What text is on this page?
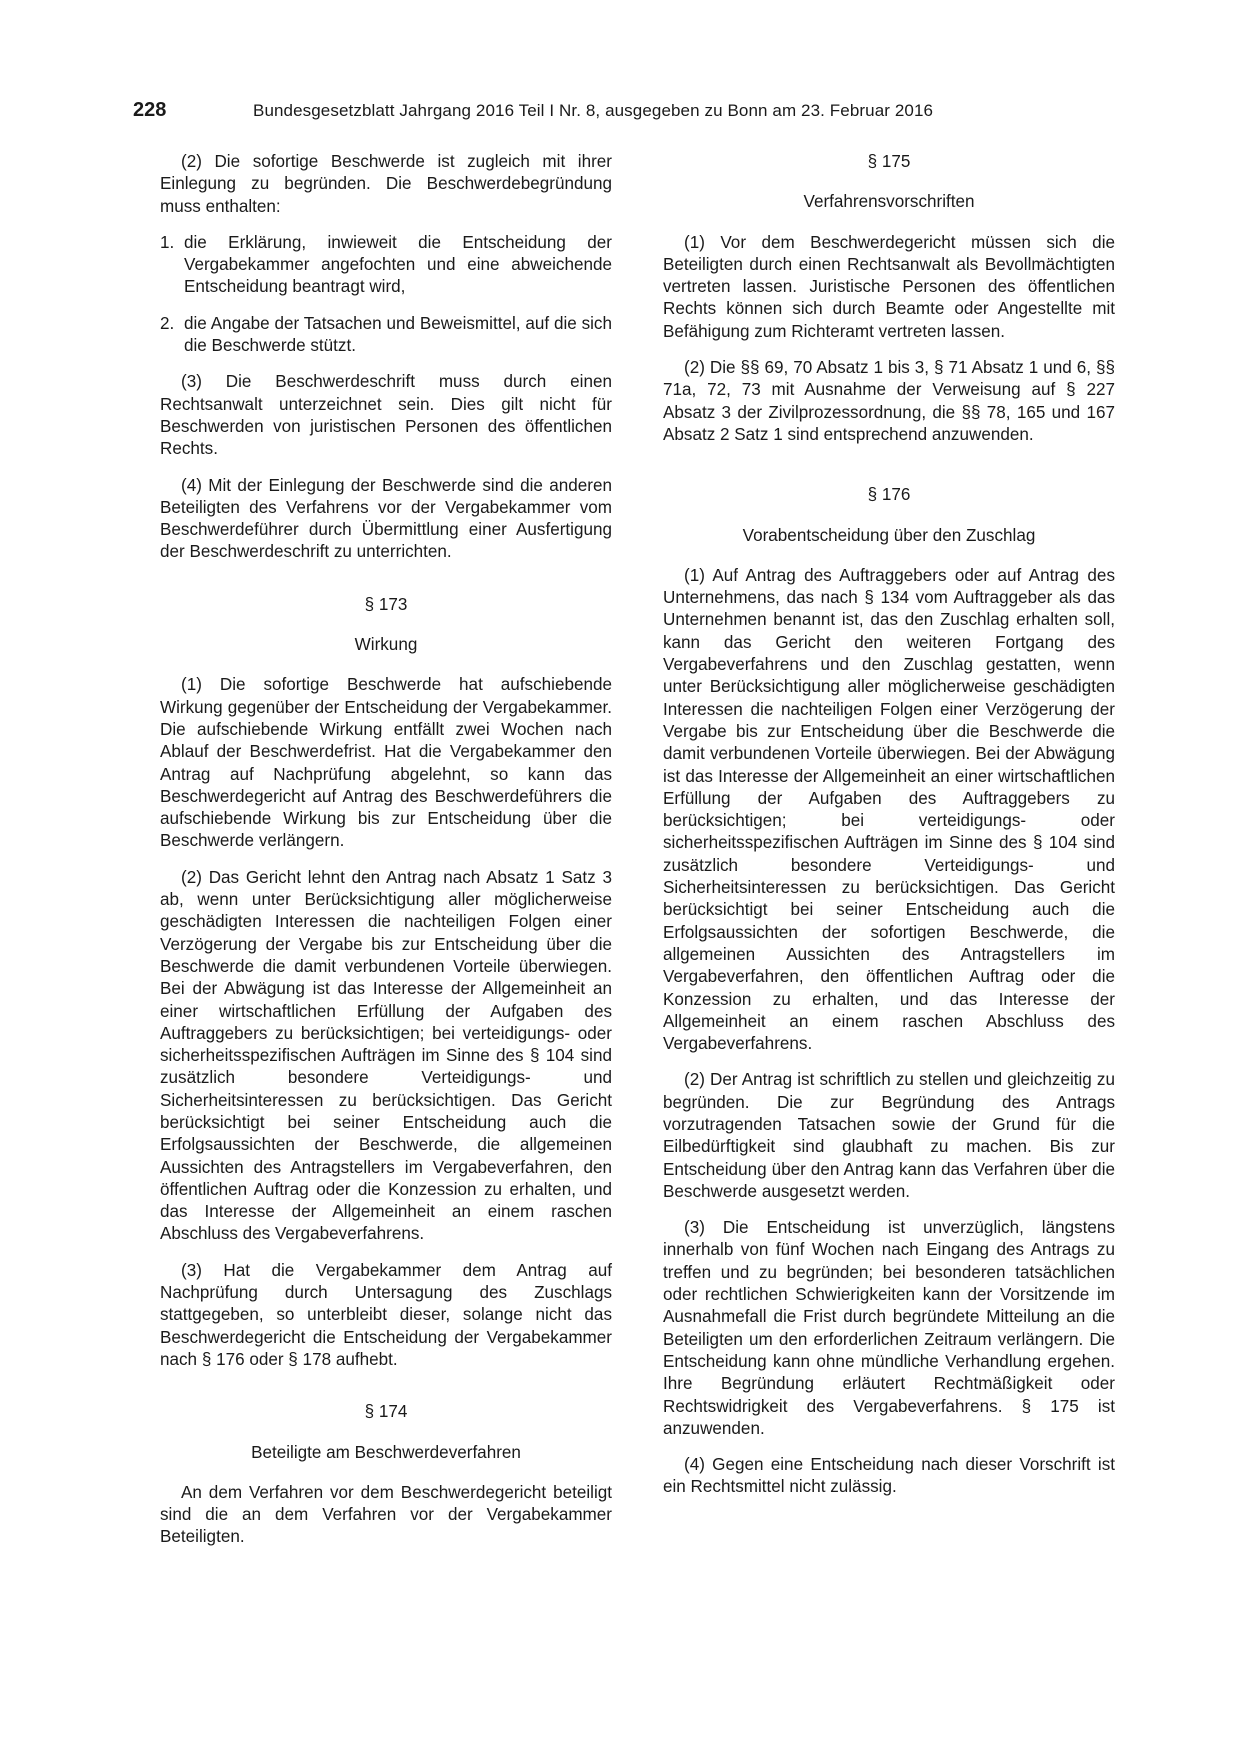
228	Bundesgesetzblatt Jahrgang 2016 Teil I Nr. 8, ausgegeben zu Bonn am 23. Februar 2016

(2) Die sofortige Beschwerde ist zugleich mit ihrer Einlegung zu begründen. Die Beschwerdebegründung muss enthalten:

1. die Erklärung, inwieweit die Entscheidung der Vergabekammer angefochten und eine abweichende Entscheidung beantragt wird,
2. die Angabe der Tatsachen und Beweismittel, auf die sich die Beschwerde stützt.

(3) Die Beschwerdeschrift muss durch einen Rechtsanwalt unterzeichnet sein. Dies gilt nicht für Beschwerden von juristischen Personen des öffentlichen Rechts.

(4) Mit der Einlegung der Beschwerde sind die anderen Beteiligten des Verfahrens vor der Vergabekammer vom Beschwerdeführer durch Übermittlung einer Ausfertigung der Beschwerdeschrift zu unterrichten.

§ 173
Wirkung

(1) Die sofortige Beschwerde hat aufschiebende Wirkung gegenüber der Entscheidung der Vergabekammer. Die aufschiebende Wirkung entfällt zwei Wochen nach Ablauf der Beschwerdefrist. Hat die Vergabekammer den Antrag auf Nachprüfung abgelehnt, so kann das Beschwerdegericht auf Antrag des Beschwerdeführers die aufschiebende Wirkung bis zur Entscheidung über die Beschwerde verlängern.

(2) Das Gericht lehnt den Antrag nach Absatz 1 Satz 3 ab, wenn unter Berücksichtigung aller möglicherweise geschädigten Interessen die nachteiligen Folgen einer Verzögerung der Vergabe bis zur Entscheidung über die Beschwerde die damit verbundenen Vorteile überwiegen. Bei der Abwägung ist das Interesse der Allgemeinheit an einer wirtschaftlichen Erfüllung der Aufgaben des Auftraggebers zu berücksichtigen; bei verteidigungs- oder sicherheitsspezifischen Aufträgen im Sinne des § 104 sind zusätzlich besondere Verteidigungs- und Sicherheitsinteressen zu berücksichtigen. Das Gericht berücksichtigt bei seiner Entscheidung auch die Erfolgsaussichten der Beschwerde, die allgemeinen Aussichten des Antragstellers im Vergabeverfahren, den öffentlichen Auftrag oder die Konzession zu erhalten, und das Interesse der Allgemeinheit an einem raschen Abschluss des Vergabeverfahrens.

(3) Hat die Vergabekammer dem Antrag auf Nachprüfung durch Untersagung des Zuschlags stattgegeben, so unterbleibt dieser, solange nicht das Beschwerdegericht die Entscheidung der Vergabekammer nach § 176 oder § 178 aufhebt.

§ 174
Beteiligte am Beschwerdeverfahren

An dem Verfahren vor dem Beschwerdegericht beteiligt sind die an dem Verfahren vor der Vergabekammer Beteiligten.

§ 175
Verfahrensvorschriften

(1) Vor dem Beschwerdegericht müssen sich die Beteiligten durch einen Rechtsanwalt als Bevollmächtigten vertreten lassen. Juristische Personen des öffentlichen Rechts können sich durch Beamte oder Angestellte mit Befähigung zum Richteramt vertreten lassen.

(2) Die §§ 69, 70 Absatz 1 bis 3, § 71 Absatz 1 und 6, §§ 71a, 72, 73 mit Ausnahme der Verweisung auf § 227 Absatz 3 der Zivilprozessordnung, die §§ 78, 165 und 167 Absatz 2 Satz 1 sind entsprechend anzuwenden.

§ 176
Vorabentscheidung über den Zuschlag

(1) Auf Antrag des Auftraggebers oder auf Antrag des Unternehmens, das nach § 134 vom Auftraggeber als das Unternehmen benannt ist, das den Zuschlag erhalten soll, kann das Gericht den weiteren Fortgang des Vergabeverfahrens und den Zuschlag gestatten, wenn unter Berücksichtigung aller möglicherweise geschädigten Interessen die nachteiligen Folgen einer Verzögerung der Vergabe bis zur Entscheidung über die Beschwerde die damit verbundenen Vorteile überwiegen. Bei der Abwägung ist das Interesse der Allgemeinheit an einer wirtschaftlichen Erfüllung der Aufgaben des Auftraggebers zu berücksichtigen; bei verteidigungs- oder sicherheitsspezifischen Aufträgen im Sinne des § 104 sind zusätzlich besondere Verteidigungs- und Sicherheitsinteressen zu berücksichtigen. Das Gericht berücksichtigt bei seiner Entscheidung auch die Erfolgsaussichten der sofortigen Beschwerde, die allgemeinen Aussichten des Antragstellers im Vergabeverfahren, den öffentlichen Auftrag oder die Konzession zu erhalten, und das Interesse der Allgemeinheit an einem raschen Abschluss des Vergabeverfahrens.

(2) Der Antrag ist schriftlich zu stellen und gleichzeitig zu begründen. Die zur Begründung des Antrags vorzutragenden Tatsachen sowie der Grund für die Eilbedürftigkeit sind glaubhaft zu machen. Bis zur Entscheidung über den Antrag kann das Verfahren über die Beschwerde ausgesetzt werden.

(3) Die Entscheidung ist unverzüglich, längstens innerhalb von fünf Wochen nach Eingang des Antrags zu treffen und zu begründen; bei besonderen tatsächlichen oder rechtlichen Schwierigkeiten kann der Vorsitzende im Ausnahmefall die Frist durch begründete Mitteilung an die Beteiligten um den erforderlichen Zeitraum verlängern. Die Entscheidung kann ohne mündliche Verhandlung ergehen. Ihre Begründung erläutert Rechtmäßigkeit oder Rechtswidrigkeit des Vergabeverfahrens. § 175 ist anzuwenden.

(4) Gegen eine Entscheidung nach dieser Vorschrift ist ein Rechtsmittel nicht zulässig.
